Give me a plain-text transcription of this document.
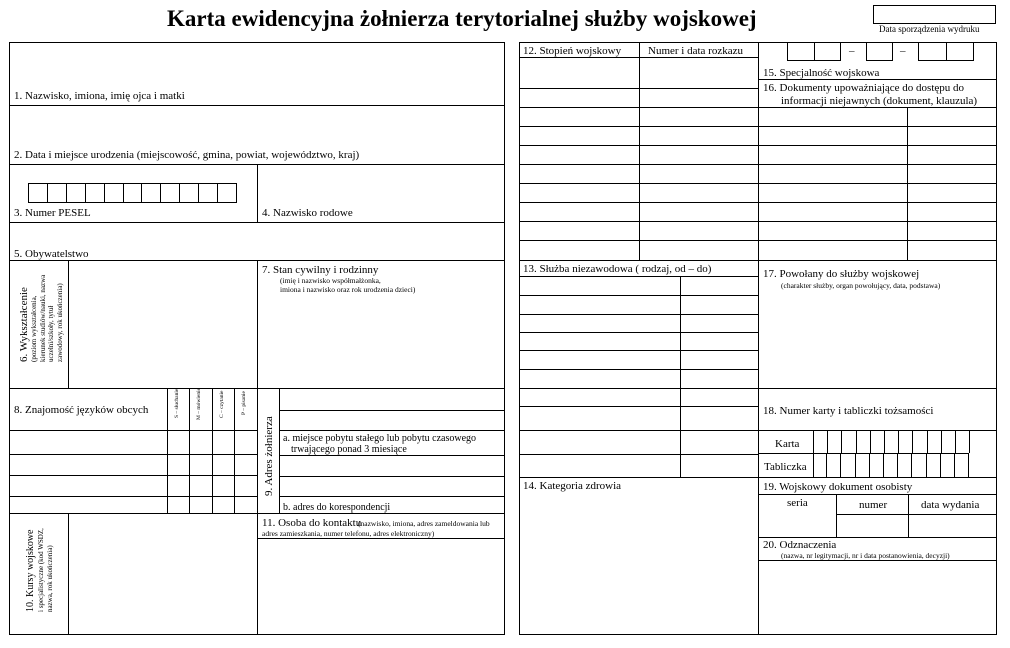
Karta ewidencyjna żołnierza terytorialnej służby wojskowej	Data sporządzenia wydruku
1. Nazwisko, imiona, imię ojca i matki
2. Data i miejsce urodzenia (miejscowość, gmina, powiat, województwo, kraj)
3. Numer PESEL	4. Nazwisko rodowe
5. Obywatelstwo
6. Wykształcenie (poziom wykształcenia, kierunek studiów/nauki, nazwa uczelni/szkoły, tytuł zawodowy, rok ukończenia)
7. Stan cywilny i rodzinny
(imię i nazwisko współmałżonka,
imiona i nazwisko oraz rok urodzenia dzieci)
8. Znajomość języków obcych	S – słuchanie	M – mówienie	C – czytanie	P – pisanie
9. Adres żołnierza a. miejsce pobytu stałego lub pobytu czasowego
trwającego ponad 3 miesiące
b. adres do korespondencji
10. Kursy wojskowe i specjalistyczne (kod WSDZ, nazwa, rok ukończenia)
11. Osoba do kontaktu
(nazwisko, imiona, adres zameldowania lub
adres zamieszkania, numer telefonu, adres elektroniczny)
12. Stopień wojskowy Numer i data rozkazu	–	–
15. Specjalność wojskowa
16. Dokumenty upoważniające do dostępu do
informacji niejawnych (dokument, klauzula)
13. Służba niezawodowa ( rodzaj, od – do)
14. Kategoria zdrowia
17. Powołany do służby wojskowej
(charakter służby, organ powołujący, data, podstawa)
18. Numer karty i tabliczki tożsamości
Karta
Tabliczka
19. Wojskowy dokument osobisty
seria	numer	data wydania
20. Odznaczenia
(nazwa, nr legitymacji, nr i data postanowienia, decyzji)
